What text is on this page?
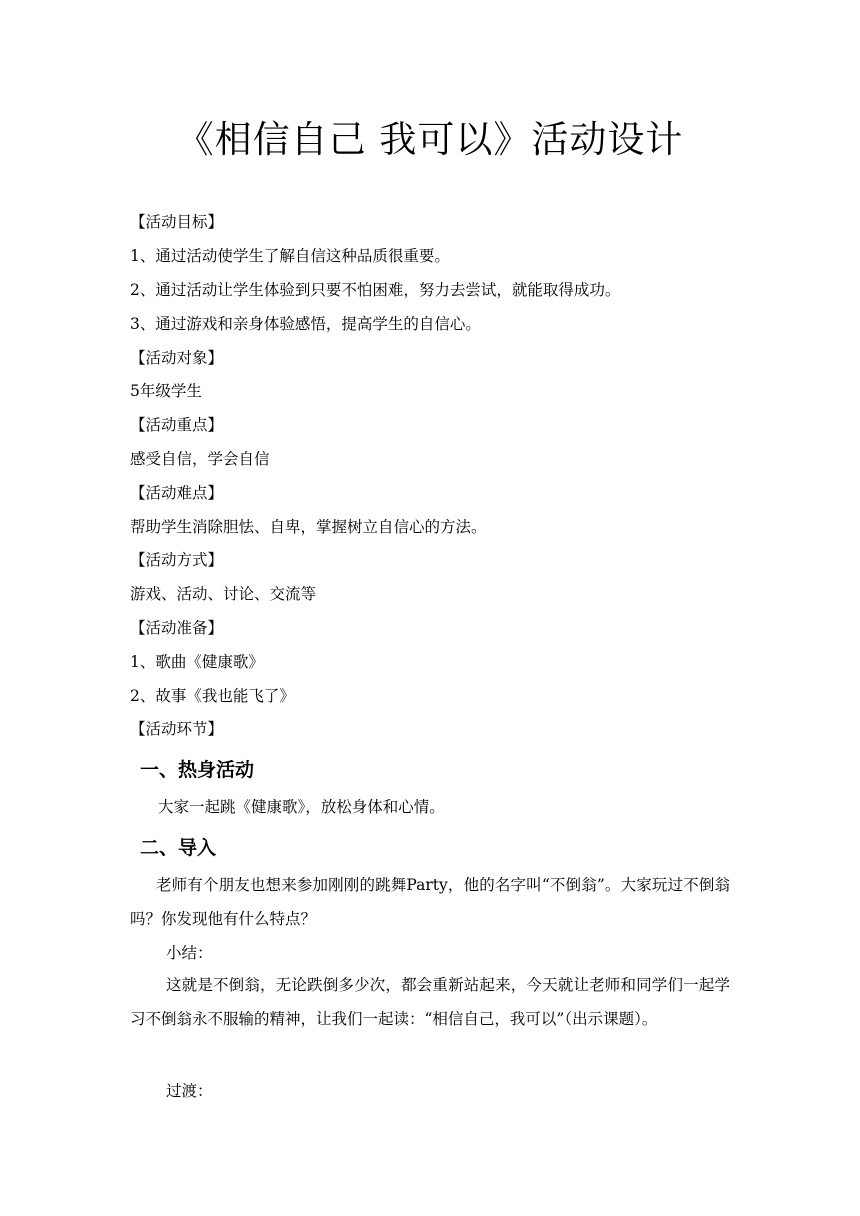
《相信自己 我可以》活动设计
【活动目标】
1、通过活动使学生了解自信这种品质很重要。
2、通过活动让学生体验到只要不怕困难，努力去尝试，就能取得成功。
3、通过游戏和亲身体验感悟，提高学生的自信心。
【活动对象】
5年级学生
【活动重点】
感受自信，学会自信
【活动难点】
帮助学生消除胆怯、自卑，掌握树立自信心的方法。
【活动方式】
游戏、活动、讨论、交流等
【活动准备】
1、歌曲《健康歌》
2、故事《我也能飞了》
【活动环节】
一、热身活动
大家一起跳《健康歌》，放松身体和心情。
二、导入

老师有个朋友也想来参加刚刚的跳舞Party，他的名字叫“不倒翁”。大家玩过不倒翁吗？你发现他有什么特点？

小结：

这就是不倒翁，无论跌倒多少次，都会重新站起来，今天就让老师和同学们一起学习不倒翁永不服输的精神，让我们一起读：“相信自己，我可以”（出示课题）。

过渡：
